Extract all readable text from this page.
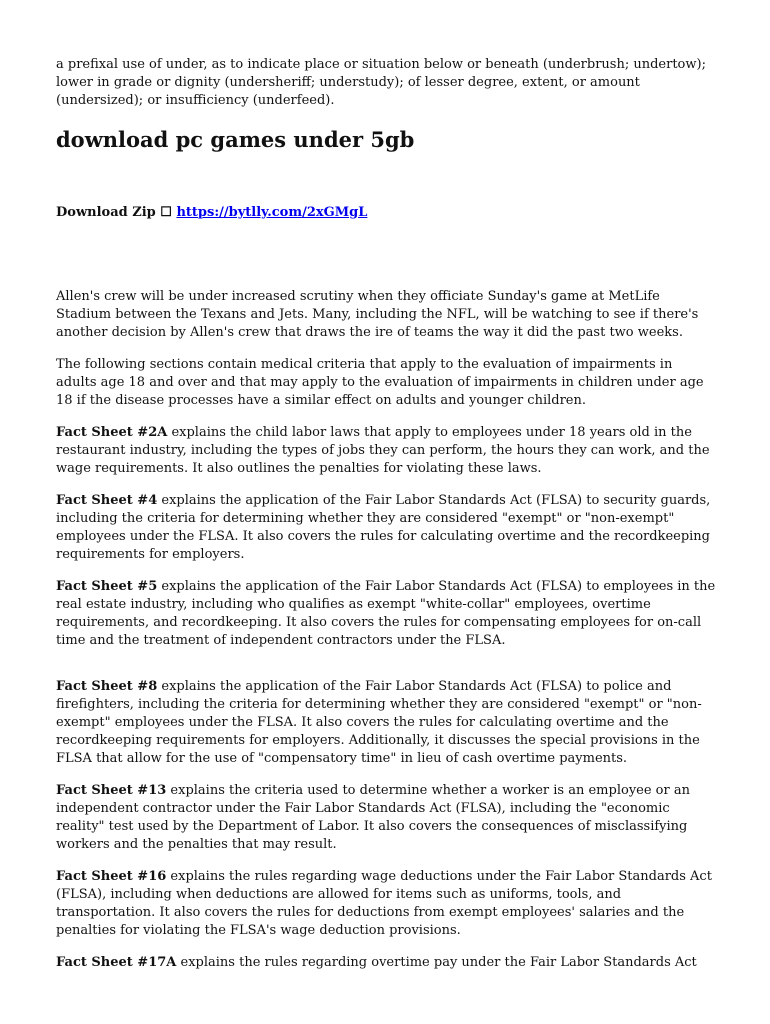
a prefixal use of under, as to indicate place or situation below or beneath (underbrush; undertow); lower in grade or dignity (undersheriff; understudy); of lesser degree, extent, or amount (undersized); or insufficiency (underfeed).

download pc games under 5gb

Download Zip ☐ https://bytlly.com/2xGMgL

Allen's crew will be under increased scrutiny when they officiate Sunday's game at MetLife Stadium between the Texans and Jets. Many, including the NFL, will be watching to see if there's another decision by Allen's crew that draws the ire of teams the way it did the past two weeks.

The following sections contain medical criteria that apply to the evaluation of impairments in adults age 18 and over and that may apply to the evaluation of impairments in children under age 18 if the disease processes have a similar effect on adults and younger children.

Fact Sheet #2A explains the child labor laws that apply to employees under 18 years old in the restaurant industry, including the types of jobs they can perform, the hours they can work, and the wage requirements. It also outlines the penalties for violating these laws.

Fact Sheet #4 explains the application of the Fair Labor Standards Act (FLSA) to security guards, including the criteria for determining whether they are considered "exempt" or "non-exempt" employees under the FLSA. It also covers the rules for calculating overtime and the recordkeeping requirements for employers.

Fact Sheet #5 explains the application of the Fair Labor Standards Act (FLSA) to employees in the real estate industry, including who qualifies as exempt "white-collar" employees, overtime requirements, and recordkeeping. It also covers the rules for compensating employees for on-call time and the treatment of independent contractors under the FLSA.

Fact Sheet #8 explains the application of the Fair Labor Standards Act (FLSA) to police and firefighters, including the criteria for determining whether they are considered "exempt" or "non-exempt" employees under the FLSA. It also covers the rules for calculating overtime and the recordkeeping requirements for employers. Additionally, it discusses the special provisions in the FLSA that allow for the use of "compensatory time" in lieu of cash overtime payments.

Fact Sheet #13 explains the criteria used to determine whether a worker is an employee or an independent contractor under the Fair Labor Standards Act (FLSA), including the "economic reality" test used by the Department of Labor. It also covers the consequences of misclassifying workers and the penalties that may result.

Fact Sheet #16 explains the rules regarding wage deductions under the Fair Labor Standards Act (FLSA), including when deductions are allowed for items such as uniforms, tools, and transportation. It also covers the rules for deductions from exempt employees' salaries and the penalties for violating the FLSA's wage deduction provisions.

Fact Sheet #17A explains the rules regarding overtime pay under the Fair Labor Standards Act
